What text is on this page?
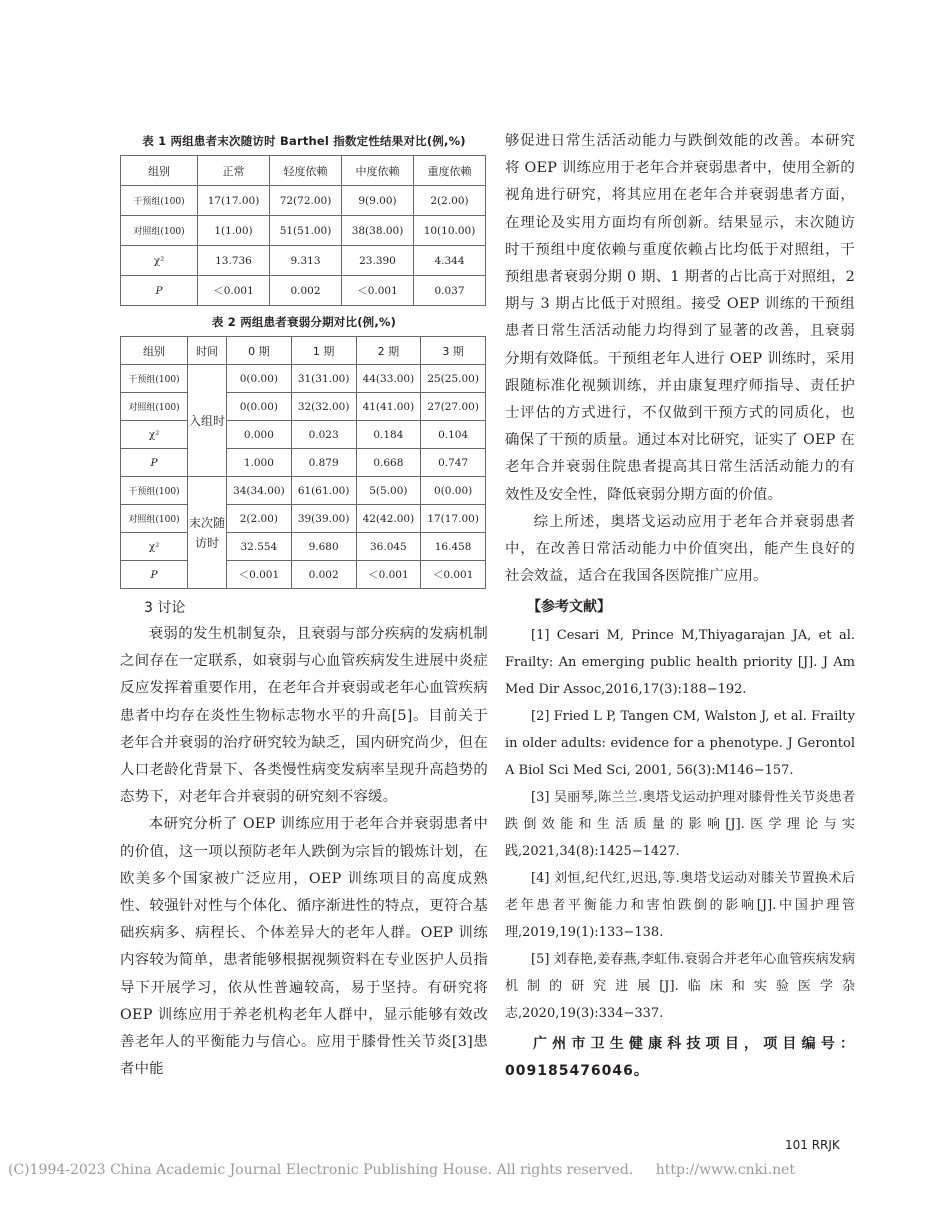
表 1 两组患者末次随访时 Barthel 指数定性结果对比(例,%)
组别	正常	轻度依赖	中度依赖	重度依赖
干预组(100)	17(17.00)	72(72.00)	9(9.00)	2(2.00)
对照组(100)	1(1.00)	51(51.00)	38(38.00)	10(10.00)
χ²	13.736	9.313	23.390	4.344
P	＜0.001	0.002	＜0.001	0.037
表 2 两组患者衰弱分期对比(例,%)
组别	时间	0 期	1 期	2 期	3 期
干预组(100)	入组时	0(0.00)	31(31.00)	44(33.00)	25(25.00)
对照组(100)		0(0.00)	32(32.00)	41(41.00)	27(27.00)
χ²		0.000	0.023	0.184	0.104
P		1.000	0.879	0.668	0.747
干预组(100)	末次随访时	34(34.00)	61(61.00)	5(5.00)	0(0.00)
对照组(100)		2(2.00)	39(39.00)	42(42.00)	17(17.00)
χ²		32.554	9.680	36.045	16.458
P		＜0.001	0.002	＜0.001	＜0.001
3 讨论

衰弱的发生机制复杂，且衰弱与部分疾病的发病机制之间存在一定联系，如衰弱与心血管疾病发生进展中炎症反应发挥着重要作用，在老年合并衰弱或老年心血管疾病患者中均存在炎性生物标志物水平的升高[5]。目前关于老年合并衰弱的治疗研究较为缺乏，国内研究尚少，但在人口老龄化背景下、各类慢性病变发病率呈现升高趋势的态势下，对老年合并衰弱的研究刻不容缓。

本研究分析了 OEP 训练应用于老年合并衰弱患者中的价值，这一项以预防老年人跌倒为宗旨的锻炼计划，在欧美多个国家被广泛应用，OEP 训练项目的高度成熟性、较强针对性与个体化、循序渐进性的特点，更符合基础疾病多、病程长、个体差异大的老年人群。OEP 训练内容较为简单，患者能够根据视频资料在专业医护人员指导下开展学习，依从性普遍较高，易于坚持。有研究将 OEP 训练应用于养老机构老年人群中，显示能够有效改善老年人的平衡能力与信心。应用于膝骨性关节炎[3]患者中能

够促进日常生活活动能力与跌倒效能的改善。本研究将 OEP 训练应用于老年合并衰弱患者中，使用全新的视角进行研究，将其应用在老年合并衰弱患者方面，在理论及实用方面均有所创新。结果显示，末次随访时干预组中度依赖与重度依赖占比均低于对照组，干预组患者衰弱分期 0 期、1 期者的占比高于对照组，2 期与 3 期占比低于对照组。接受 OEP 训练的干预组患者日常生活活动能力均得到了显著的改善，且衰弱分期有效降低。干预组老年人进行 OEP 训练时，采用跟随标准化视频训练，并由康复理疗师指导、责任护士评估的方式进行，不仅做到干预方式的同质化，也确保了干预的质量。通过本对比研究，证实了 OEP 在老年合并衰弱住院患者提高其日常生活活动能力的有效性及安全性，降低衰弱分期方面的价值。

综上所述，奥塔戈运动应用于老年合并衰弱患者中，在改善日常活动能力中价值突出，能产生良好的社会效益，适合在我国各医院推广应用。

【参考文献】

[1] Cesari M, Prince M,Thiyagarajan JA, et al. Frailty: An emerging public health priority [J]. J Am Med Dir Assoc,2016,17(3):188−192.

[2] Fried L P, Tangen CM, Walston J, et al. Frailty in older adults: evidence for a phenotype. J Gerontol A Biol Sci Med Sci, 2001, 56(3):M146−157.

[3] 吴丽琴,陈兰兰.奥塔戈运动护理对膝骨性关节炎患者跌倒效能和生活质量的影响[J].医学理论与实践,2021,34(8):1425−1427.

[4] 刘恒,纪代红,迟迅,等.奥塔戈运动对膝关节置换术后老年患者平衡能力和害怕跌倒的影响[J].中国护理管理,2019,19(1):133−138.

[5] 刘春艳,姜春燕,李虹伟.衰弱合并老年心血管疾病发病机制的研究进展[J].临床和实验医学杂志,2020,19(3):334−337.

广州市卫生健康科技项目，项目编号：009185476046。

101 RRJK
(C)1994-2023 China Academic Journal Electronic Publishing House. All rights reserved. http://www.cnki.net
